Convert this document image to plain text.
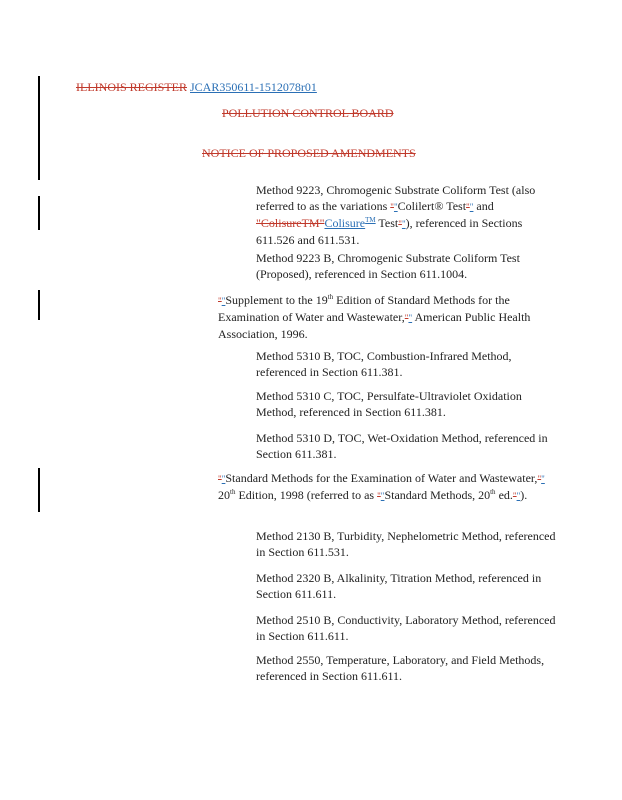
ILLINOIS REGISTER JCAR350611-1512078r01
POLLUTION CONTROL BOARD
NOTICE OF PROPOSED AMENDMENTS
Method 9223, Chromogenic Substrate Coliform Test (also referred to as the variations ""Colilert® Test"" and "ColisureTM"Colisure™ Test""), referenced in Sections 611.526 and 611.531.
Method 9223 B, Chromogenic Substrate Coliform Test (Proposed), referenced in Section 611.1004.
""Supplement to the 19th Edition of Standard Methods for the Examination of Water and Wastewater,"" American Public Health Association, 1996.
Method 5310 B, TOC, Combustion-Infrared Method, referenced in Section 611.381.
Method 5310 C, TOC, Persulfate-Ultraviolet Oxidation Method, referenced in Section 611.381.
Method 5310 D, TOC, Wet-Oxidation Method, referenced in Section 611.381.
""Standard Methods for the Examination of Water and Wastewater,"" 20th Edition, 1998 (referred to as ""Standard Methods, 20th ed."").
Method 2130 B, Turbidity, Nephelometric Method, referenced in Section 611.531.
Method 2320 B, Alkalinity, Titration Method, referenced in Section 611.611.
Method 2510 B, Conductivity, Laboratory Method, referenced in Section 611.611.
Method 2550, Temperature, Laboratory, and Field Methods, referenced in Section 611.611.
